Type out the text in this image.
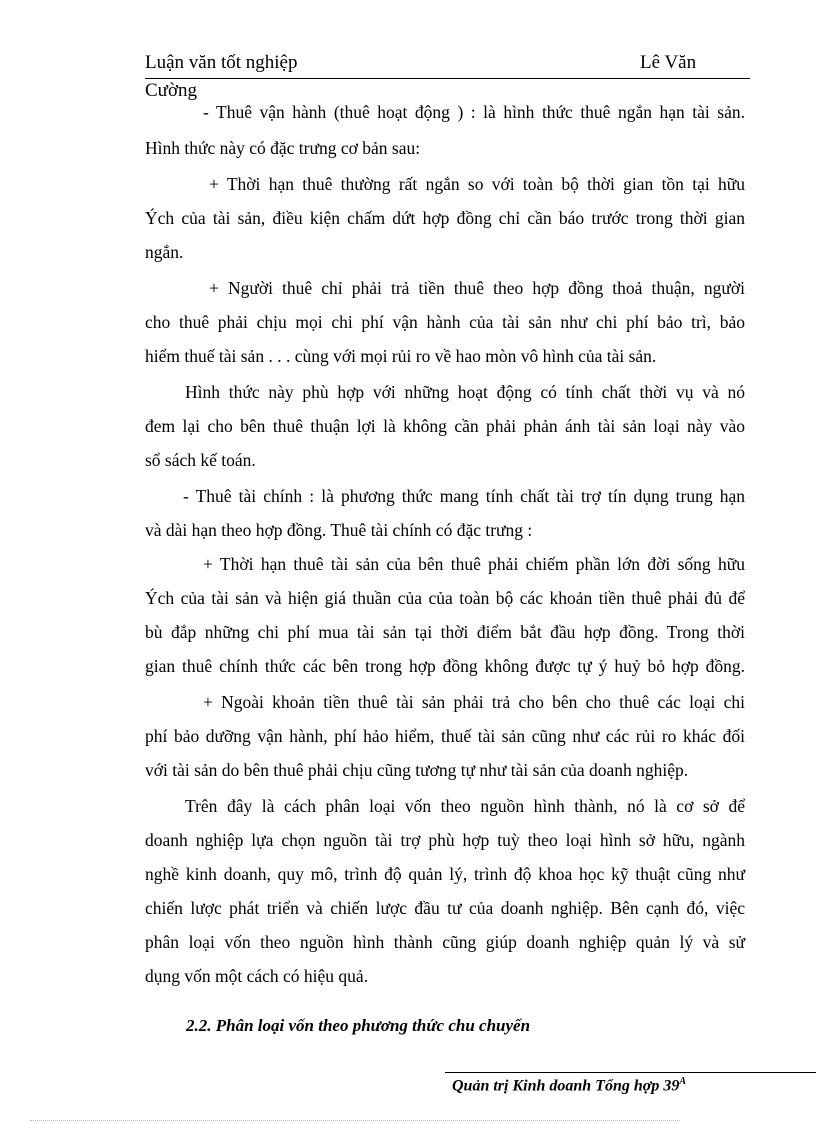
Luận văn tốt nghiệp	Lê Văn
Cường
- Thuê vận hành (thuê hoạt động ) : là hình thức thuê ngắn hạn tài sản.
Hình thức này có đặc trưng cơ bản sau:
+ Thời hạn thuê thường rất ngắn so với toàn bộ thời gian tồn tại hữu
Ých của tài sản, điều kiện chấm dứt hợp đồng chỉ cần báo trước trong thời gian
ngắn.
+ Người thuê chỉ phải trả tiền thuê theo hợp đồng thoả thuận, người
cho thuê phải chịu mọi chi phí vận hành của tài sản như chi phí bảo trì, bảo
hiểm thuế tài sản . . . cùng với mọi rủi ro về hao mòn vô hình của tài sản.
Hình thức này phù hợp với những hoạt động có tính chất thời vụ và nó
đem lại cho bên thuê thuận lợi là không cần phải phản ánh tài sản loại này vào
sổ sách kế toán.
- Thuê tài chính : là phương thức mang tính chất tài trợ tín dụng trung hạn
và dài hạn theo hợp đồng. Thuê tài chính có đặc trưng :
+ Thời hạn thuê tài sản của bên thuê phải chiếm phần lớn đời sống hữu
Ých của tài sản và hiện giá thuần của của toàn bộ các khoản tiền thuê phải đủ để
bù đắp những chi phí mua tài sản tại thời điểm bắt đầu hợp đồng. Trong thời
gian thuê chính thức các bên trong hợp đồng không được tự ý huỷ bỏ hợp đồng.
+ Ngoài khoản tiền thuê tài sản phải trả cho bên cho thuê các loại chi
phí bảo dưỡng vận hành, phí hảo hiểm, thuế tài sản cũng như các rủi ro khác đối
với tài sản do bên thuê phải chịu cũng tương tự như tài sản của doanh nghiệp.
Trên đây là cách phân loại vốn theo nguồn hình thành, nó là cơ sở để
doanh nghiệp lựa chọn nguồn tài trợ phù hợp tuỳ theo loại hình sở hữu, ngành
nghề kinh doanh, quy mô, trình độ quản lý, trình độ khoa học kỹ thuật cũng như
chiến lược phát triển và chiến lược đầu tư của doanh nghiệp. Bên cạnh đó, việc
phân loại vốn theo nguồn hình thành cũng giúp doanh nghiệp quản lý và sử
dụng vốn một cách có hiệu quả.
2.2. Phân loại vốn theo phương thức chu chuyển
Quản trị Kinh doanh Tổng hợp $39^A$
